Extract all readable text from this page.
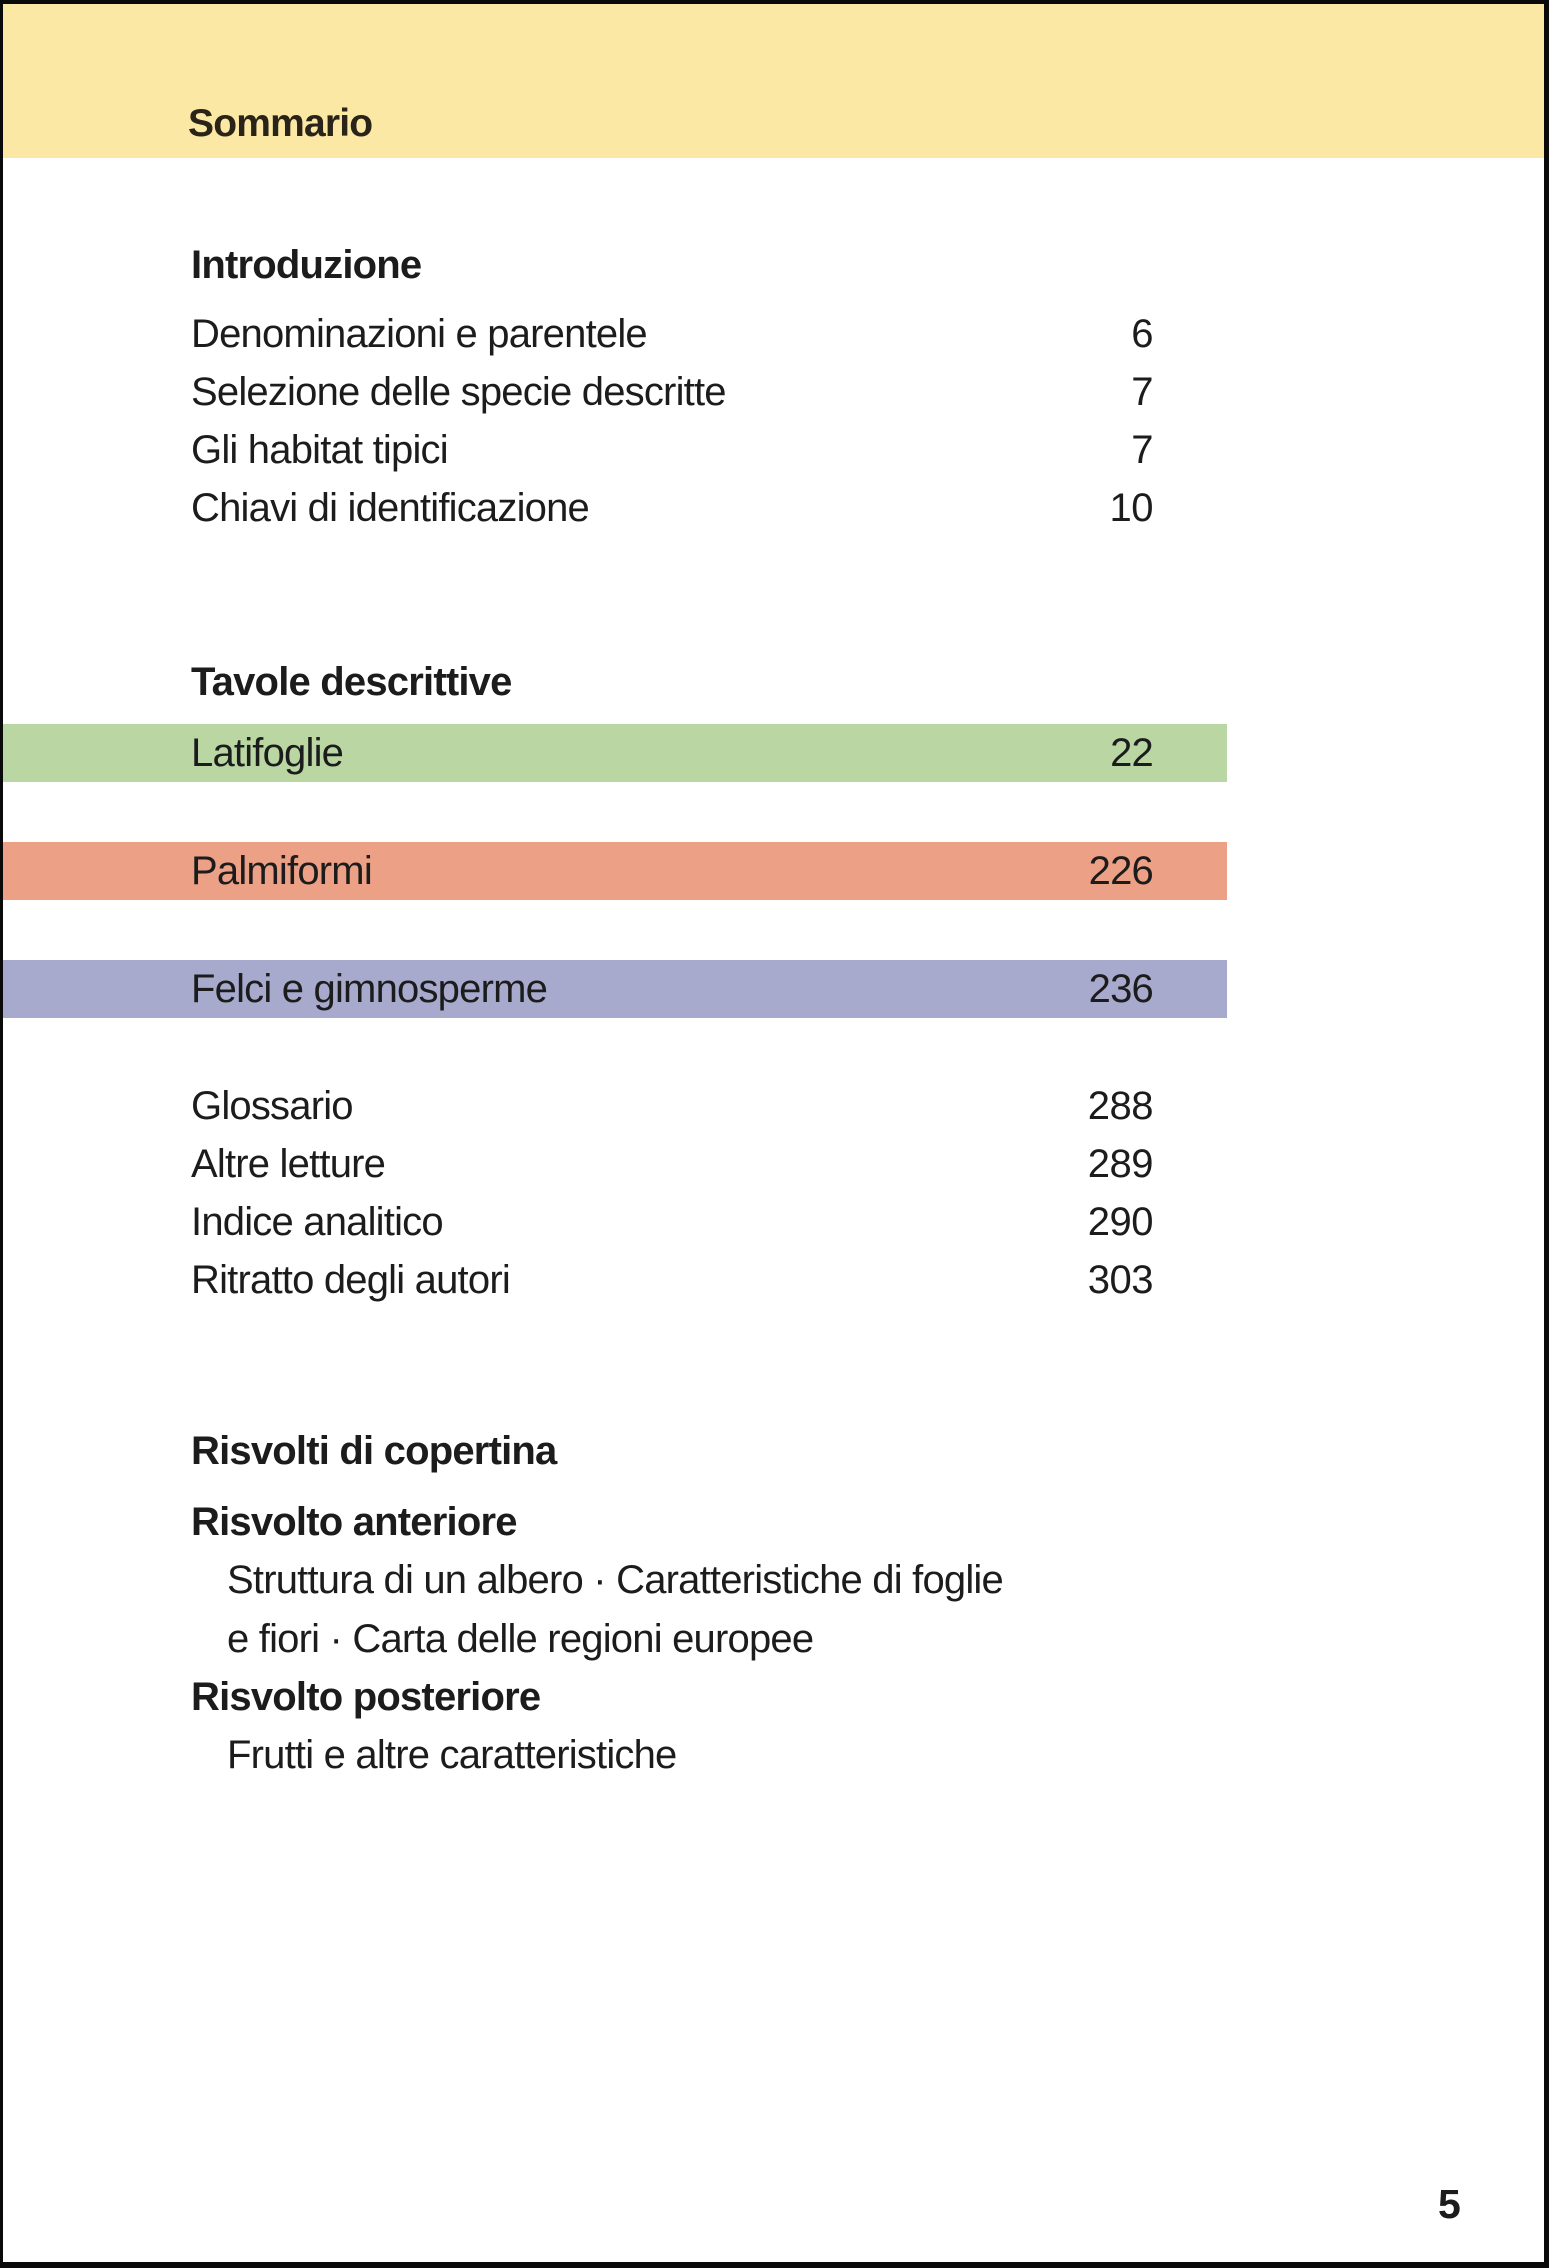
Sommario
Introduzione
Denominazioni e parentele	6
Selezione delle specie descritte	7
Gli habitat tipici	7
Chiavi di identificazione	10
Tavole descrittive
Latifoglie	22
Palmiformi	226
Felci e gimnosperme	236
Glossario	288
Altre letture	289
Indice analitico	290
Ritratto degli autori	303
Risvolti di copertina
Risvolto anteriore
Struttura di un albero · Caratteristiche di foglie
e fiori · Carta delle regioni europee
Risvolto posteriore
Frutti e altre caratteristiche
5
